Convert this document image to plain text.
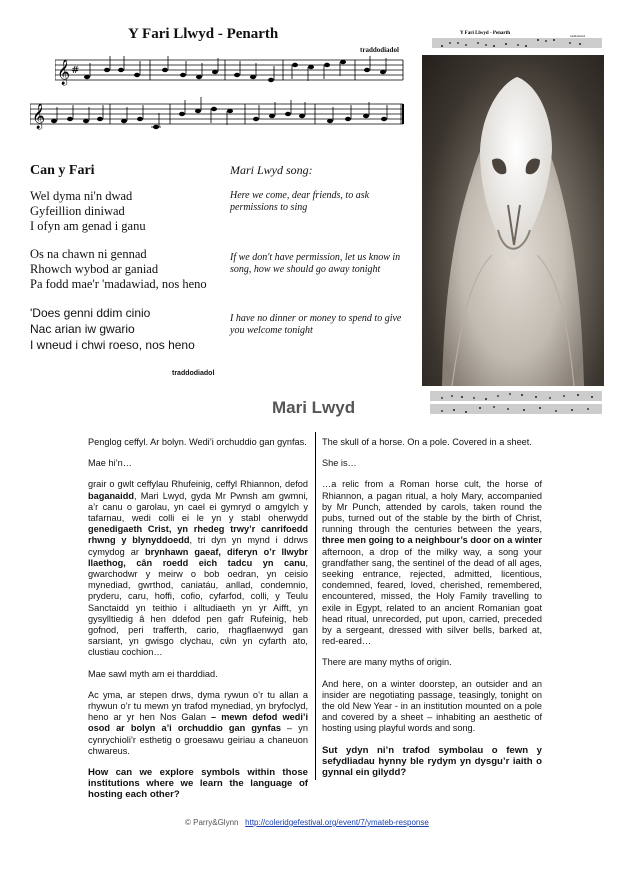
Y Fari Llwyd - Penarth
traddodiadol
𝄞 #
𝄞
Can y Fari
Wel dyma ni'n dwad
Gyfeillion diniwad
I ofyn am genad i ganu
Os na chawn ni gennad
Rhowch wybod ar ganiad
Pa fodd mae'r 'madawiad, nos heno
'Does genni ddim cinio
Nac arian iw gwario
I wneud i chwi roeso, nos heno
traddodiadol
Mari Lwyd song:
Here we come, dear friends, to ask permissions to sing
If we don't have permission, let us know in song, how we should go away tonight
I have no dinner or money to spend to give you welcome tonight
Y Fari Llwyd - Penarth	traddodiadol
Mari Lwyd

Penglog ceffyl. Ar bolyn. Wedi’i orchuddio gan gynfas.

Mae hi’n…

grair o gwlt ceffylau Rhufeinig, ceffyl Rhiannon, defod baganaidd, Mari Lwyd, gyda Mr Pwnsh am gwmni, a’r canu o garolau, yn cael ei gymryd o amgylch y tafarnau, wedi colli ei le yn y stabl oherwydd genedigaeth Crist, yn rhedeg trwy’r canrifoedd rhwng y blynyddoedd, tri dyn yn mynd i ddrws cymydog ar brynhawn gaeaf, diferyn o’r llwybr llaethog, cân roedd eich tadcu yn canu, gwarchodwr y meirw o bob oedran, yn ceisio mynediad, gwrthod, caniatáu, anllad, condemnio, pryderu, caru, hoffi, cofio, cyfarfod, colli, y Teulu Sanctaidd yn teithio i alltudiaeth yn yr Aifft, yn gysylltiedig â hen ddefod pen gafr Rufeinig, heb gofnod, peri trafferth, cario, rhagflaenwyd gan sarsiant, yn gwisgo clychau, cŵn yn cyfarth ato, clustiau cochion…

Mae sawl myth am ei tharddiad.

Ac yma, ar stepen drws, dyma rywun o’r tu allan a rhywun o’r tu mewn yn trafod mynediad, yn bryfoclyd, heno ar yr hen Nos Galan – mewn defod wedi’i osod ar bolyn a’i orchuddio gan gynfas – yn cynrychioli’r esthetig o groesawu geiriau a chaneuon chwareus.

How can we explore symbols within those institutions where we learn the language of hosting each other?

The skull of a horse. On a pole. Covered in a sheet.

She is…

…a relic from a Roman horse cult, the horse of Rhiannon, a pagan ritual, a holy Mary, accompanied by Mr Punch, attended by carols, taken round the pubs, turned out of the stable by the birth of Christ, running through the centuries between the years, three men going to a neighbour’s door on a winter afternoon, a drop of the milky way, a song your grandfather sang, the sentinel of the dead of all ages, seeking entrance, rejected, admitted, licentious, condemned, feared, loved, cherished, remembered, encountered, missed, the Holy Family travelling to exile in Egypt, related to an ancient Romanian goat head ritual, unrecorded, put upon, carried, preceded by a sergeant, dressed with silver bells, barked at, red-eared…

There are many myths of origin.

And here, on a winter doorstep, an outsider and an insider are negotiating passage, teasingly, tonight on the old New Year - in an institution mounted on a pole and covered by a sheet – inhabiting an aesthetic of hosting using playful words and song.

Sut ydyn ni’n trafod symbolau o fewn y sefydliadau hynny ble rydym yn dysgu’r iaith o gynnal ein gilydd?

© Parry&Glynn http://coleridgefestival.org/event/7/ymateb-response
